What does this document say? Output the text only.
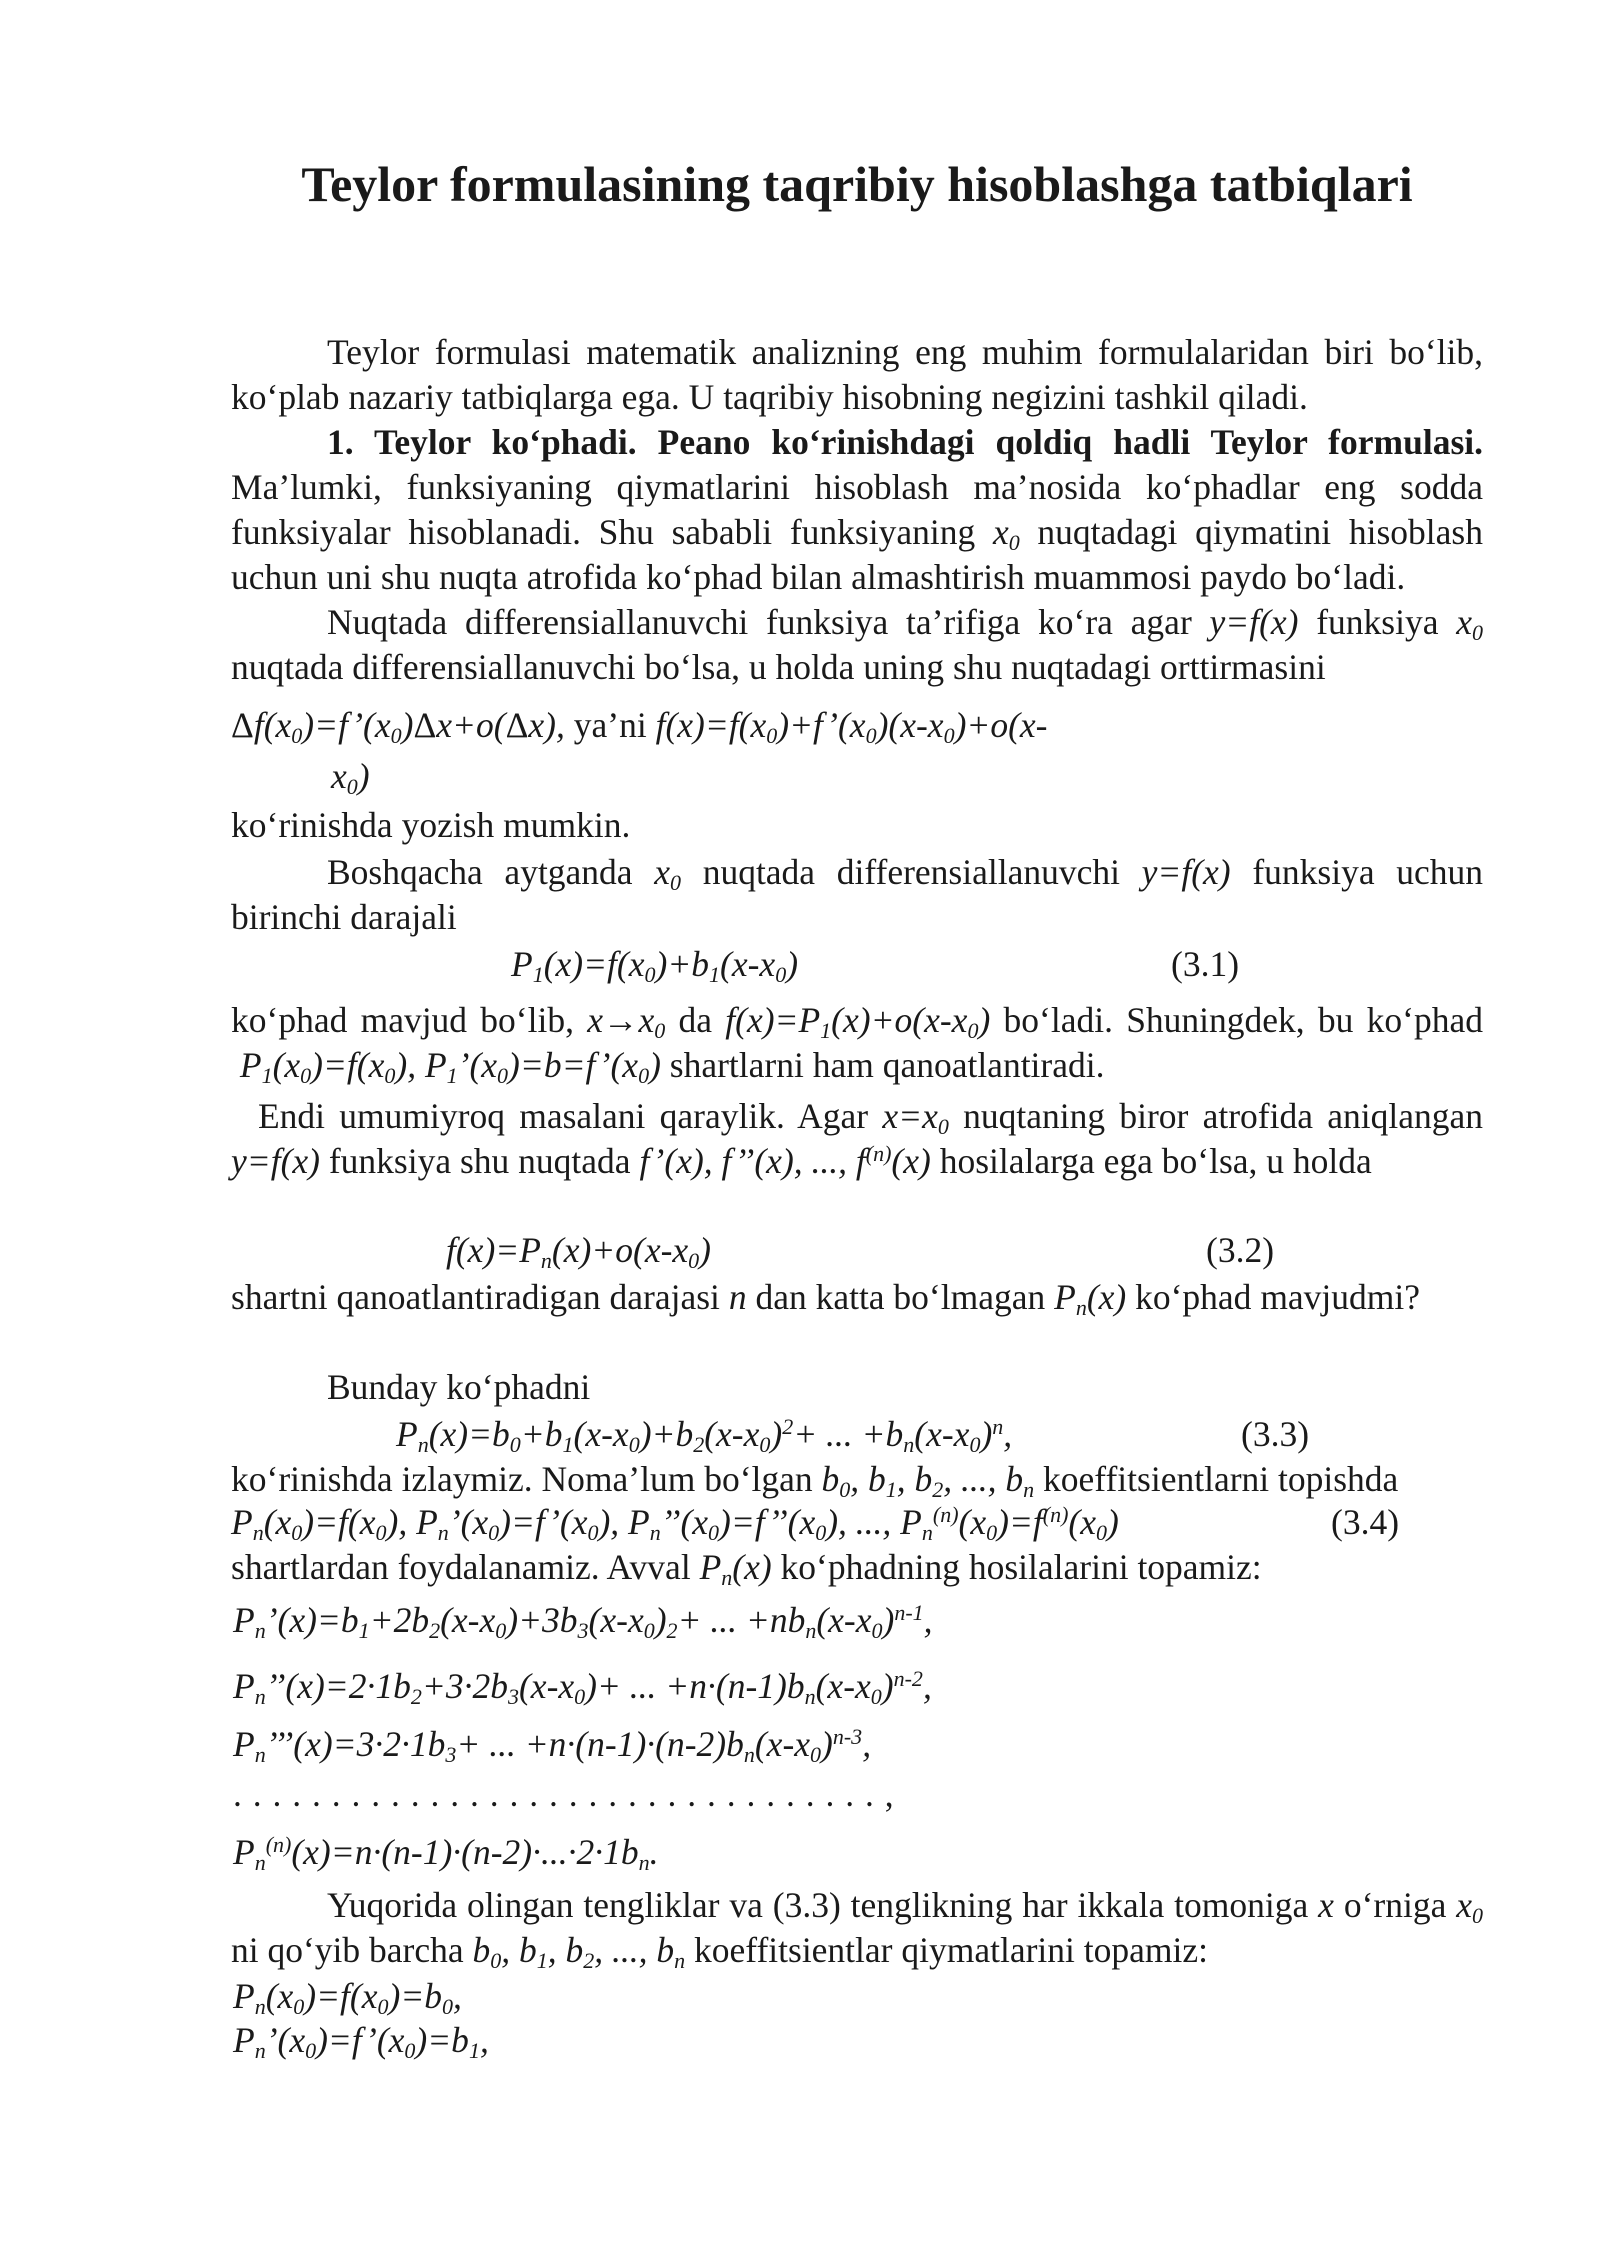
Teylor formulasining taqribiy hisoblashga tatbiqlari

Teylor formulasi matematik analizning eng muhim formulalaridan biri bo‘lib, ko‘plab nazariy tatbiqlarga ega. U taqribiy hisobning negizini tashkil qiladi.

1. Teylor ko‘phadi. Peano ko‘rinishdagi qoldiq hadli Teylor formulasi. Ma’lumki, funksiyaning qiymatlarini hisoblash ma’nosida ko‘phadlar eng sodda funksiyalar hisoblanadi. Shu sababli funksiyaning $x_0$ nuqtadagi qiymatini hisoblash uchun uni shu nuqta atrofida ko‘phad bilan almashtirish muammosi paydo bo‘ladi.

Nuqtada differensiallanuvchi funksiya ta’rifiga ko‘ra agar y=f(x) funksiya $x_0$ nuqtada differensiallanuvchi bo‘lsa, u holda uning shu nuqtadagi orttirmasini

$\Delta f(x_0)=f’(x_0)\Delta x+o(\Delta x)$, ya’ni $f(x)=f(x_0)+f’(x_0)(x-x_0)+o(x-$
$x_0$)
ko‘rinishda yozish mumkin.

Boshqacha aytganda $x_0$ nuqtada differensiallanuvchi y=f(x) funksiya uchun birinchi darajali

$P_1(x)=f(x_0)+b_1(x-x_0)$	(3.1)

ko‘phad mavjud bo‘lib, $x\to x_0$ da $f(x)=P_1(x)+o(x-x_0)$ bo‘ladi. Shuningdek, bu ko‘phad  $P_1(x_0)=f(x_0)$, $P_1’(x_0)=b=f’(x_0)$ shartlarni ham qanoatlantiradi.

Endi umumiyroq masalani qaraylik. Agar $x=x_0$ nuqtaning biror atrofida aniqlangan y=f(x) funksiya shu nuqtada f’(x), f’’(x), ..., $f^{(n)}(x)$ hosilalarga ega bo‘lsa, u holda

$f(x)=P_n(x)+o(x-x_0)$	(3.2)

shartni qanoatlantiradigan darajasi n dan katta bo‘lmagan $P_n(x)$ ko‘phad mavjudmi?

Bunday ko‘phadni
$P_n(x)=b_0+b_1(x-x_0)+b_2(x-x_0)^2+$ ... $+b_n(x-x_0)^n$,	(3.3)

ko‘rinishda izlaymiz. Noma’lum bo‘lgan $b_0$, $b_1$, $b_2$, ..., $b_n$ koeffitsientlarni topishda

$P_n(x_0)=f(x_0)$, $P_n’(x_0)=f’(x_0)$, $P_n’’(x_0)=f’’(x_0)$, ..., $P_n^{(n)}(x_0)=f^{(n)}(x_0)$	(3.4)
shartlardan foydalanamiz. Avval $P_n(x)$ ko‘phadning hosilalarini topamiz:
$P_n’(x)=b_1+2b_2(x-x_0)+3b_3(x-x_0)_2+$ ... $+nb_n(x-x_0)^{n-1}$,
$P_n’’(x)=2\cdot 1b_2+3\cdot 2b_3(x-x_0)+$ ... $+n\cdot(n-1)b_n(x-x_0)^{n-2}$,
$P_n’’’(x)=3\cdot 2\cdot 1b_3+$ ... $+n\cdot(n-1)\cdot(n-2)b_n(x-x_0)^{n-3}$,
. . . . . . . . . . . . . . . . . . . . . . . . . . . . . . . . . ,
$P_n^{(n)}(x)=n\cdot(n-1)\cdot(n-2)\cdot...\cdot 2\cdot 1b_n$.

Yuqorida olingan tengliklar va (3.3) tenglikning har ikkala tomoniga x o‘rniga $x_0$ ni qo‘yib barcha $b_0$, $b_1$, $b_2$, ..., $b_n$ koeffitsientlar qiymatlarini topamiz:

$P_n(x_0)=f(x_0)=b_0$,
$P_n’(x_0)=f’(x_0)=b_1$,
